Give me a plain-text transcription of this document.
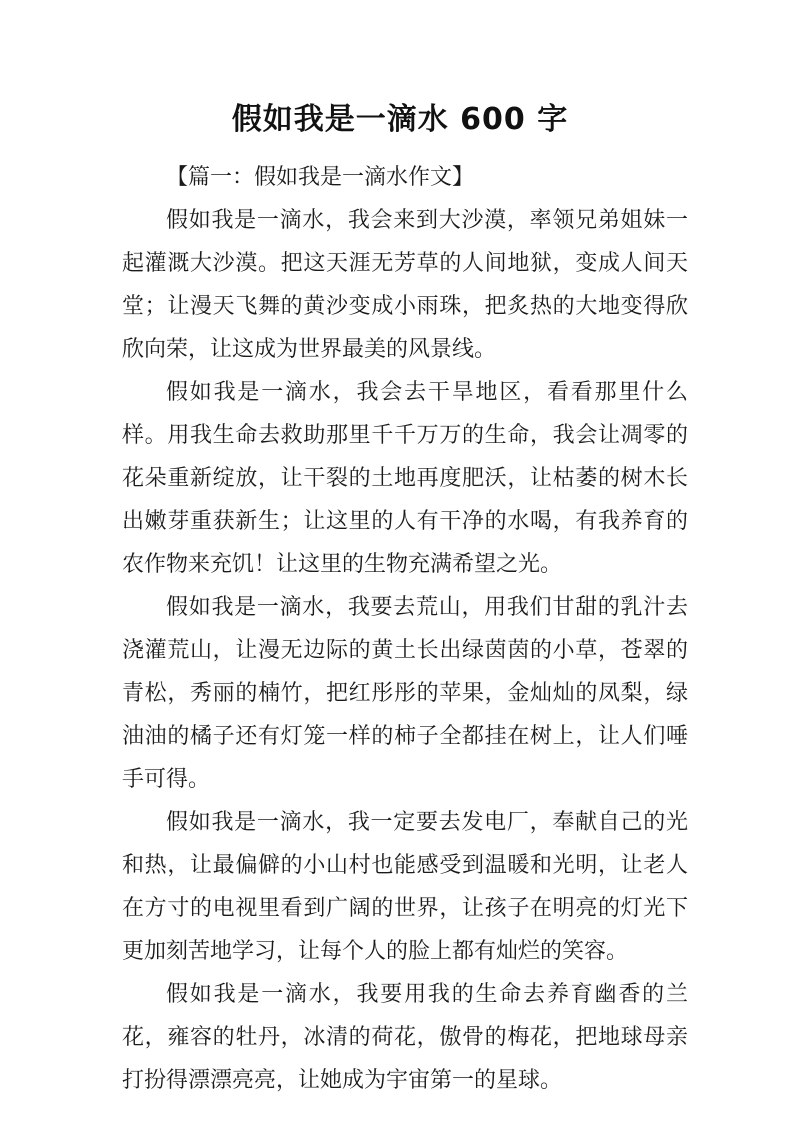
假如我是一滴水 600 字

【篇一：假如我是一滴水作文】

假如我是一滴水，我会来到大沙漠，率领兄弟姐妹一起灌溉大沙漠。把这天涯无芳草的人间地狱，变成人间天堂；让漫天飞舞的黄沙变成小雨珠，把炙热的大地变得欣欣向荣，让这成为世界最美的风景线。

假如我是一滴水，我会去干旱地区，看看那里什么样。用我生命去救助那里千千万万的生命，我会让凋零的花朵重新绽放，让干裂的土地再度肥沃，让枯萎的树木长出嫩芽重获新生；让这里的人有干净的水喝，有我养育的农作物来充饥！让这里的生物充满希望之光。

假如我是一滴水，我要去荒山，用我们甘甜的乳汁去浇灌荒山，让漫无边际的黄土长出绿茵茵的小草，苍翠的青松，秀丽的楠竹，把红彤彤的苹果，金灿灿的凤梨，绿油油的橘子还有灯笼一样的柿子全都挂在树上，让人们唾手可得。

假如我是一滴水，我一定要去发电厂，奉献自己的光和热，让最偏僻的小山村也能感受到温暖和光明，让老人在方寸的电视里看到广阔的世界，让孩子在明亮的灯光下更加刻苦地学习，让每个人的脸上都有灿烂的笑容。

假如我是一滴水，我要用我的生命去养育幽香的兰花，雍容的牡丹，冰清的荷花，傲骨的梅花，把地球母亲打扮得漂漂亮亮，让她成为宇宙第一的星球。
